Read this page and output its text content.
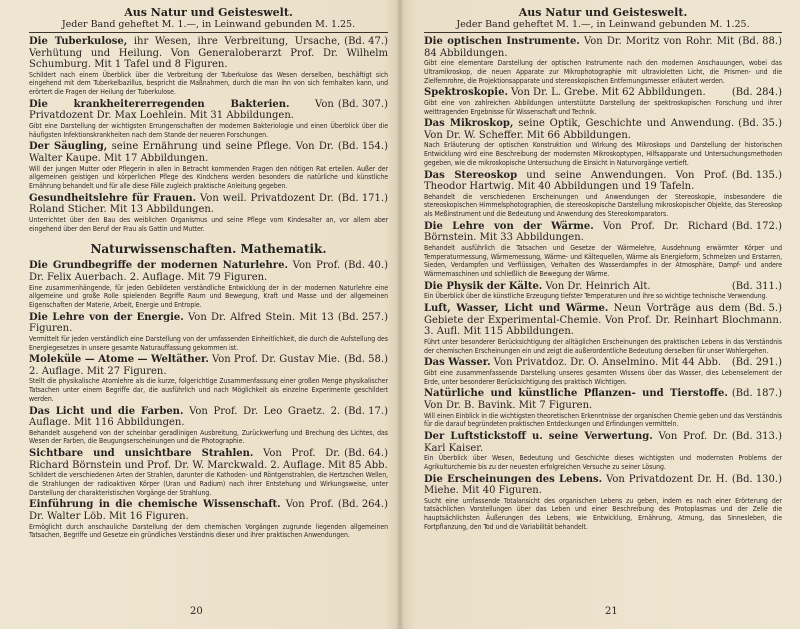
Aus Natur und Geisteswelt.
Jeder Band geheftet M. 1.—, in Leinwand gebunden M. 1.25.
(Bd. 47.)
Die Tuberkulose, ihr Wesen, ihre Verbreitung, Ursache, Verhütung und Heilung. Von Generaloberarzt Prof. Dr. Wilhelm Schumburg. Mit 1 Tafel und 8 Figuren.
Schildert nach einem Überblick über die Verbreitung der Tuberkulose das Wesen derselben, beschäftigt sich eingehend mit dem Tuberkelbazillus, bespricht die Maßnahmen, durch die man ihn von sich fernhalten kann, und erörtert die Fragen der Heilung der Tuberkulose.
(Bd. 307.)
Die krankheitererregenden Bakterien. Von Privatdozent Dr. Max Loehlein. Mit 31 Abbildungen.
Gibt eine Darstellung der wichtigsten Errungenschaften der modernen Bakteriologie und einen Überblick über die häufigsten Infektionskrankheiten nach dem Stande der neueren Forschungen.
(Bd. 154.)
Der Säugling, seine Ernährung und seine Pflege. Von Dr. Walter Kaupe. Mit 17 Abbildungen.
Will der jungen Mutter oder Pflegerin in allen in Betracht kommenden Fragen den nötigen Rat erteilen. Außer der allgemeinen geistigen und körperlichen Pflege des Kindchens werden besonders die natürliche und künstliche Ernährung behandelt und für alle diese Fälle zugleich praktische Anleitung gegeben.
(Bd. 171.)
Gesundheitslehre für Frauen. Von weil. Privatdozent Dr. Roland Sticher. Mit 13 Abbildungen.
Unterrichtet über den Bau des weiblichen Organismus und seine Pflege vom Kindesalter an, vor allem aber eingehend über den Beruf der Frau als Gattin und Mutter.
Naturwissenschaften. Mathematik.
(Bd. 40.)
Die Grundbegriffe der modernen Naturlehre. Von Prof. Dr. Felix Auerbach. 2. Auflage. Mit 79 Figuren.
Eine zusammenhängende, für jeden Gebildeten verständliche Entwicklung der in der modernen Naturlehre eine allgemeine und große Rolle spielenden Begriffe Raum und Bewegung, Kraft und Masse und der allgemeinen Eigenschaften der Materie, Arbeit, Energie und Entropie.
(Bd. 257.)
Die Lehre von der Energie. Von Dr. Alfred Stein. Mit 13 Figuren.
Vermittelt für jeden verständlich eine Darstellung von der umfassenden Einheitlichkeit, die durch die Aufstellung des Energiegesetzes in unsere gesamte Naturauffassung gekommen ist.
(Bd. 58.)
Moleküle — Atome — Weltäther. Von Prof. Dr. Gustav Mie. 2. Auflage. Mit 27 Figuren.
Stellt die physikalische Atomlehre als die kurze, folgerichtige Zusammenfassung einer großen Menge physikalischer Tatsachen unter einem Begriffe dar, die ausführlich und nach Möglichkeit als einzelne Experimente geschildert werden.
(Bd. 17.)
Das Licht und die Farben. Von Prof. Dr. Leo Graetz. 2. Auflage. Mit 116 Abbildungen.
Behandelt ausgehend von der scheinbar geradlinigen Ausbreitung, Zurückwerfung und Brechung des Lichtes, das Wesen der Farben, die Beugungserscheinungen und die Photographie.
(Bd. 64.)
Sichtbare und unsichtbare Strahlen. Von Prof. Dr. Richard Börnstein und Prof. Dr. W. Marckwald. 2. Auflage. Mit 85 Abb.
Schildert die verschiedenen Arten der Strahlen, darunter die Kathoden- und Röntgenstrahlen, die Hertzschen Wellen, die Strahlungen der radioaktiven Körper (Uran und Radium) nach ihrer Entstehung und Wirkungsweise, unter Darstellung der charakteristischen Vorgänge der Strahlung.
(Bd. 264.)
Einführung in die chemische Wissenschaft. Von Prof. Dr. Walter Löb. Mit 16 Figuren.
Ermöglicht durch anschauliche Darstellung der dem chemischen Vorgängen zugrunde liegenden allgemeinen Tatsachen, Begriffe und Gesetze ein gründliches Verständnis dieser und ihrer praktischen Anwendungen.
20
Aus Natur und Geisteswelt.
Jeder Band geheftet M. 1.—, in Leinwand gebunden M. 1.25.
(Bd. 88.)
Die optischen Instrumente. Von Dr. Moritz von Rohr. Mit 84 Abbildungen.
Gibt eine elementare Darstellung der optischen Instrumente nach den modernen Anschauungen, wobei das Ultramikroskop, die neuen Apparate zur Mikrophotographie mit ultravioletten Licht, die Prismen- und die Zielfernrohre, die Projektionsapparate und stereoskopischen Entfernungsmesser erläutert werden.
(Bd. 284.)
Spektroskopie. Von Dr. L. Grebe. Mit 62 Abbildungen.
Gibt eine von zahlreichen Abbildungen unterstützte Darstellung der spektroskopischen Forschung und ihrer weittragenden Ergebnisse für Wissenschaft und Technik.
(Bd. 35.)
Das Mikroskop, seine Optik, Geschichte und Anwendung. Von Dr. W. Scheffer. Mit 66 Abbildungen.
Nach Erläuterung der optischen Konstruktion und Wirkung des Mikroskops und Darstellung der historischen Entwicklung wird eine Beschreibung der modernsten Mikroskoptypen, Hilfsapparate und Untersuchungsmethoden gegeben, wie die mikroskopische Untersuchung die Einsicht in Naturvorgänge vertieft.
(Bd. 135.)
Das Stereoskop und seine Anwendungen. Von Prof. Theodor Hartwig. Mit 40 Abbildungen und 19 Tafeln.
Behandelt die verschiedenen Erscheinungen und Anwendungen der Stereoskopie, insbesondere die stereoskopischen Himmelsphotographien, die stereoskopische Darstellung mikroskopischer Objekte, das Stereoskop als Meßinstrument und die Bedeutung und Anwendung des Stereokomparators.
(Bd. 172.)
Die Lehre von der Wärme. Von Prof. Dr. Richard Börnstein. Mit 33 Abbildungen.
Behandelt ausführlich die Tatsachen und Gesetze der Wärmelehre, Ausdehnung erwärmter Körper und Temperaturmessung, Wärmemessung, Wärme- und Kältequellen, Wärme als Energieform, Schmelzen und Erstarren, Sieden, Verdampfen und Verflüssigen, Verhalten des Wasserdampfes in der Atmosphäre, Dampf- und andere Wärmemaschinen und schließlich die Bewegung der Wärme.
(Bd. 311.)
Die Physik der Kälte. Von Dr. Heinrich Alt.
Ein Überblick über die künstliche Erzeugung tiefster Temperaturen und ihre so wichtige technische Verwendung.
(Bd. 5.)
Luft, Wasser, Licht und Wärme. Neun Vorträge aus dem Gebiete der Experimental-Chemie. Von Prof. Dr. Reinhart Blochmann. 3. Aufl. Mit 115 Abbildungen.
Führt unter besonderer Berücksichtigung der alltäglichen Erscheinungen des praktischen Lebens in das Verständnis der chemischen Erscheinungen ein und zeigt die außerordentliche Bedeutung derselben für unser Wohlergehen.
(Bd. 291.)
Das Wasser. Von Privatdoz. Dr. O. Anselmino. Mit 44 Abb.
Gibt eine zusammenfassende Darstellung unseres gesamten Wissens über das Wasser, dies Lebenselement der Erde, unter besonderer Berücksichtigung des praktisch Wichtigen.
(Bd. 187.)
Natürliche und künstliche Pflanzen- und Tierstoffe. Von Dr. B. Bavink. Mit 7 Figuren.
Will einen Einblick in die wichtigsten theoretischen Erkenntnisse der organischen Chemie geben und das Verständnis für die darauf begründeten praktischen Entdeckungen und Erfindungen vermitteln.
(Bd. 313.)
Der Luftstickstoff u. seine Verwertung. Von Prof. Dr. Karl Kaiser.
Ein Überblick über Wesen, Bedeutung und Geschichte dieses wichtigsten und modernsten Problems der Agrikulturchemie bis zu der neuesten erfolgreichen Versuche zu seiner Lösung.
(Bd. 130.)
Die Erscheinungen des Lebens. Von Privatdozent Dr. H. Miehe. Mit 40 Figuren.
Sucht eine umfassende Totalansicht des organischen Lebens zu geben, indem es nach einer Erörterung der tatsächlichen Vorstellungen über das Leben und einer Beschreibung des Protoplasmas und der Zelle die hauptsächlichsten Äußerungen des Lebens, wie Entwicklung, Ernährung, Atmung, das Sinnesleben, die Fortpflanzung, den Tod und die Variabilität behandelt.
21
